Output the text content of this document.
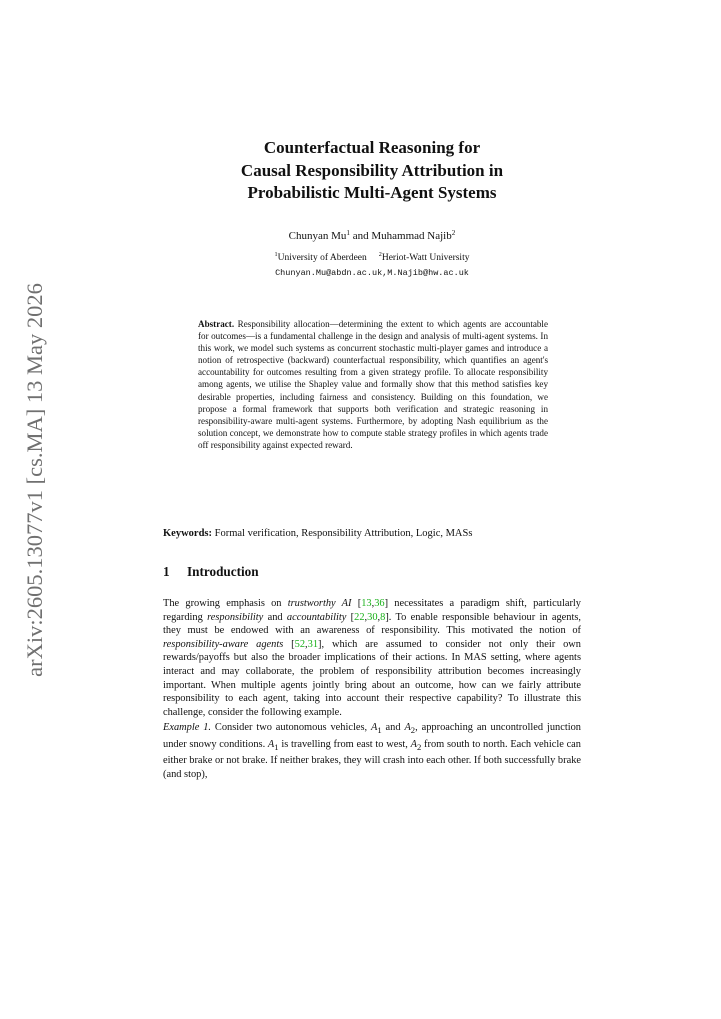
arXiv:2605.13077v1 [cs.MA] 13 May 2026
Counterfactual Reasoning for
Causal Responsibility Attribution in
Probabilistic Multi-Agent Systems
Chunyan Mu$^1$ and Muhammad Najib$^2$
$^1$University of Aberdeen $^2$Heriot-Watt University
Chunyan.Mu@abdn.ac.uk,M.Najib@hw.ac.uk
Abstract. Responsibility allocation—determining the extent to which agents are accountable for outcomes—is a fundamental challenge in the design and analysis of multi-agent systems. In this work, we model such systems as concurrent stochastic multi-player games and introduce a notion of retrospective (backward) counterfactual responsibility, which quantifies an agent's accountability for outcomes resulting from a given strategy profile. To allocate responsibility among agents, we utilise the Shapley value and formally show that this method satisfies key desirable properties, including fairness and consistency. Building on this foundation, we propose a formal framework that supports both verification and strategic reasoning in responsibility-aware multi-agent systems. Furthermore, by adopting Nash equilibrium as the solution concept, we demonstrate how to compute stable strategy profiles in which agents trade off responsibility against expected reward.
Keywords: Formal verification, Responsibility Attribution, Logic, MASs
1 Introduction
The growing emphasis on trustworthy AI [13,36] necessitates a paradigm shift, particularly regarding responsibility and accountability [22,30,8]. To enable responsible behaviour in agents, they must be endowed with an awareness of responsibility. This motivated the notion of responsibility-aware agents [52,31], which are assumed to consider not only their own rewards/payoffs but also the broader implications of their actions. In MAS setting, where agents interact and may collaborate, the problem of responsibility attribution becomes increasingly important. When multiple agents jointly bring about an outcome, how can we fairly attribute responsibility to each agent, taking into account their respective capability? To illustrate this challenge, consider the following example.
Example 1. Consider two autonomous vehicles, $A_1$ and $A_2$, approaching an uncontrolled junction under snowy conditions. $A_1$ is travelling from east to west, $A_2$ from south to north. Each vehicle can either brake or not brake. If neither brakes, they will crash into each other. If both successfully brake (and stop),
